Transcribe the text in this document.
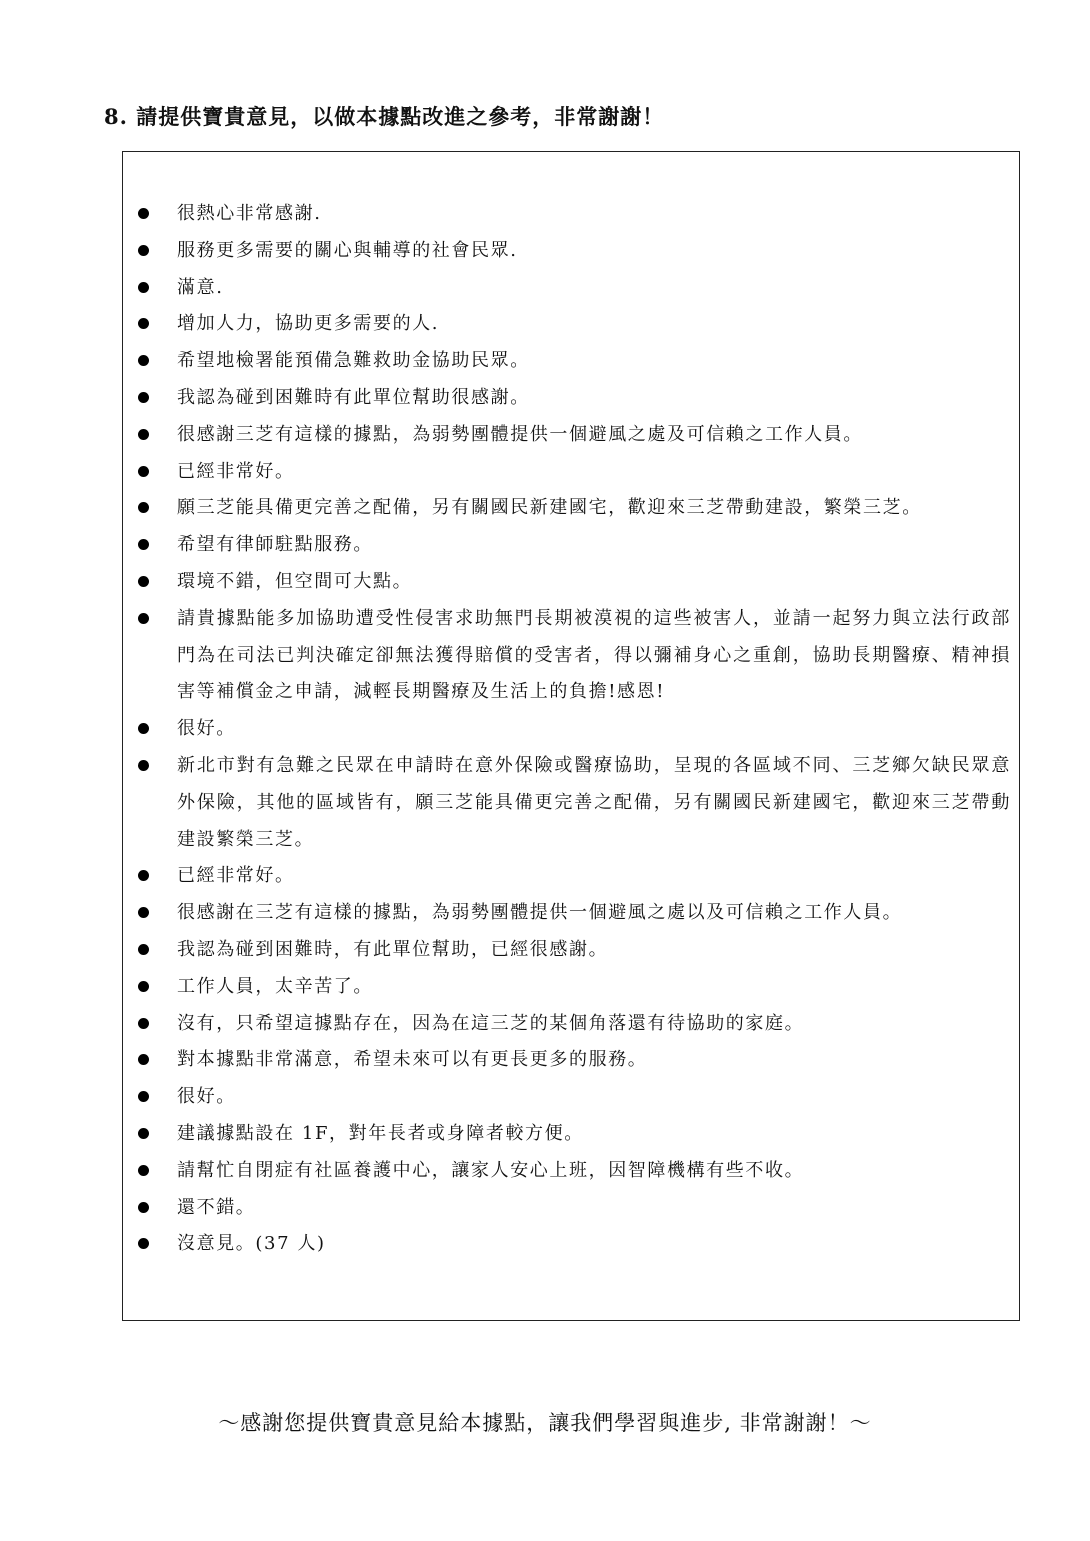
8. 請提供寶貴意見，以做本據點改進之參考，非常謝謝！
很熱心非常感謝.
服務更多需要的關心與輔導的社會民眾.
滿意.
增加人力，協助更多需要的人.
希望地檢署能預備急難救助金協助民眾。
我認為碰到困難時有此單位幫助很感謝。
很感謝三芝有這樣的據點，為弱勢團體提供一個避風之處及可信賴之工作人員。
已經非常好。
願三芝能具備更完善之配備，另有關國民新建國宅，歡迎來三芝帶動建設，繁榮三芝。
希望有律師駐點服務。
環境不錯，但空間可大點。
請貴據點能多加協助遭受性侵害求助無門長期被漠視的這些被害人，並請一起努力與立法行政部門為在司法已判決確定卻無法獲得賠償的受害者，得以彌補身心之重創，協助長期醫療、精神損害等補償金之申請，減輕長期醫療及生活上的負擔!感恩!
很好。
新北市對有急難之民眾在申請時在意外保險或醫療協助，呈現的各區域不同、三芝鄉欠缺民眾意外保險，其他的區域皆有，願三芝能具備更完善之配備，另有關國民新建國宅，歡迎來三芝帶動建設繁榮三芝。
已經非常好。
很感謝在三芝有這樣的據點，為弱勢團體提供一個避風之處以及可信賴之工作人員。
我認為碰到困難時，有此單位幫助，已經很感謝。
工作人員，太辛苦了。
沒有，只希望這據點存在，因為在這三芝的某個角落還有待協助的家庭。
對本據點非常滿意，希望未來可以有更長更多的服務。
很好。
建議據點設在 1F，對年長者或身障者較方便。
請幫忙自閉症有社區養護中心，讓家人安心上班，因智障機構有些不收。
還不錯。
沒意見。(37 人)

～感謝您提供寶貴意見給本據點，讓我們學習與進步, 非常謝謝！～
